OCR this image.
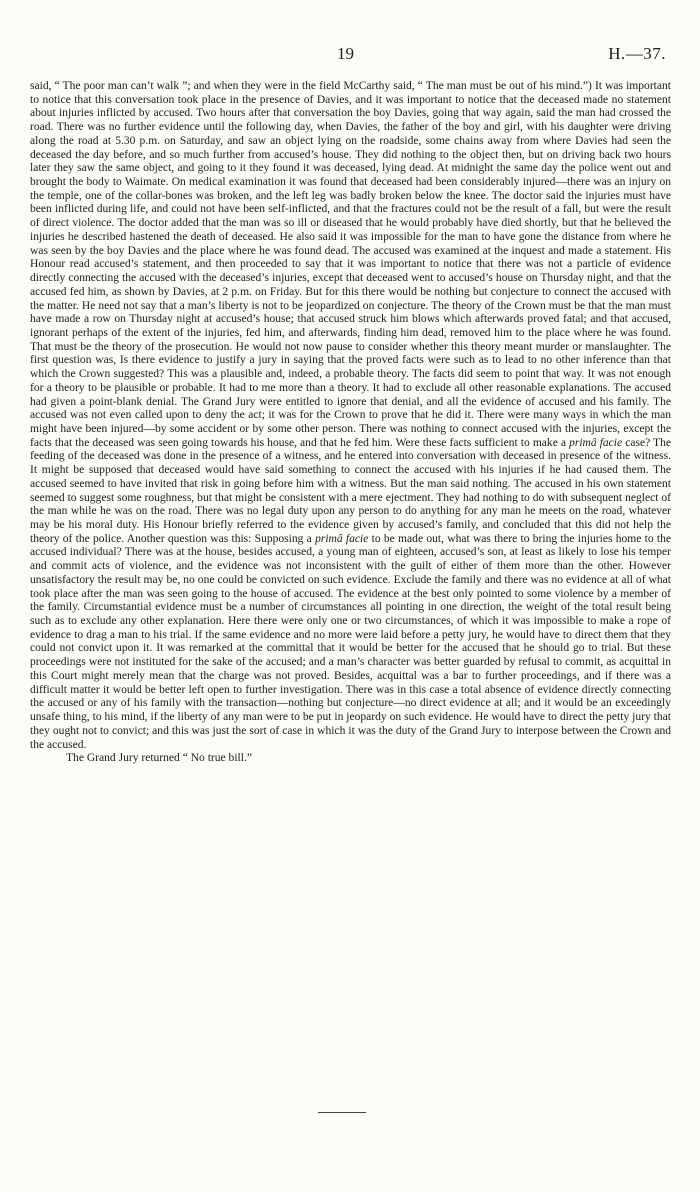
19	H.—37.

said, “ The poor man can’t walk ”; and when they were in the field McCarthy said, “ The man must be out of his mind.”) It was important to notice that this conversation took place in the presence of Davies, and it was important to notice that the deceased made no statement about injuries inflicted by accused. Two hours after that conversation the boy Davies, going that way again, said the man had crossed the road. There was no further evidence until the following day, when Davies, the father of the boy and girl, with his daughter were driving along the road at 5.30 p.m. on Saturday, and saw an object lying on the roadside, some chains away from where Davies had seen the deceased the day before, and so much further from accused’s house. They did nothing to the object then, but on driving back two hours later they saw the same object, and going to it they found it was deceased, lying dead. At midnight the same day the police went out and brought the body to Waimate. On medical examination it was found that deceased had been considerably injured—there was an injury on the temple, one of the collar-bones was broken, and the left leg was badly broken below the knee. The doctor said the injuries must have been inflicted during life, and could not have been self-inflicted, and that the fractures could not be the result of a fall, but were the result of direct violence. The doctor added that the man was so ill or diseased that he would probably have died shortly, but that he believed the injuries he described hastened the death of deceased. He also said it was impossible for the man to have gone the distance from where he was seen by the boy Davies and the place where he was found dead. The accused was examined at the inquest and made a statement. His Honour read accused’s statement, and then proceeded to say that it was important to notice that there was not a particle of evidence directly connecting the accused with the deceased’s injuries, except that deceased went to accused’s house on Thursday night, and that the accused fed him, as shown by Davies, at 2 p.m. on Friday. But for this there would be nothing but conjecture to connect the accused with the matter. He need not say that a man’s liberty is not to be jeopardized on conjecture. The theory of the Crown must be that the man must have made a row on Thursday night at accused’s house; that accused struck him blows which afterwards proved fatal; and that accused, ignorant perhaps of the extent of the injuries, fed him, and afterwards, finding him dead, removed him to the place where he was found. That must be the theory of the prosecution. He would not now pause to consider whether this theory meant murder or manslaughter. The first question was, Is there evidence to justify a jury in saying that the proved facts were such as to lead to no other inference than that which the Crown suggested? This was a plausible and, indeed, a probable theory. The facts did seem to point that way. It was not enough for a theory to be plausible or probable. It had to me more than a theory. It had to exclude all other reasonable explanations. The accused had given a point-blank denial. The Grand Jury were entitled to ignore that denial, and all the evidence of accused and his family. The accused was not even called upon to deny the act; it was for the Crown to prove that he did it. There were many ways in which the man might have been injured—by some accident or by some other person. There was nothing to connect accused with the injuries, except the facts that the deceased was seen going towards his house, and that he fed him. Were these facts sufficient to make a primâ facie case? The feeding of the deceased was done in the presence of a witness, and he entered into conversation with deceased in presence of the witness. It might be supposed that deceased would have said something to connect the accused with his injuries if he had caused them. The accused seemed to have invited that risk in going before him with a witness. But the man said nothing. The accused in his own statement seemed to suggest some roughness, but that might be consistent with a mere ejectment. They had nothing to do with subsequent neglect of the man while he was on the road. There was no legal duty upon any person to do anything for any man he meets on the road, whatever may be his moral duty. His Honour briefly referred to the evidence given by accused’s family, and concluded that this did not help the theory of the police. Another question was this: Supposing a primâ facie to be made out, what was there to bring the injuries home to the accused individual? There was at the house, besides accused, a young man of eighteen, accused’s son, at least as likely to lose his temper and commit acts of violence, and the evidence was not inconsistent with the guilt of either of them more than the other. However unsatisfactory the result may be, no one could be convicted on such evidence. Exclude the family and there was no evidence at all of what took place after the man was seen going to the house of accused. The evidence at the best only pointed to some violence by a member of the family. Circumstantial evidence must be a number of circumstances all pointing in one direction, the weight of the total result being such as to exclude any other explanation. Here there were only one or two circumstances, of which it was impossible to make a rope of evidence to drag a man to his trial. If the same evidence and no more were laid before a petty jury, he would have to direct them that they could not convict upon it. It was remarked at the committal that it would be better for the accused that he should go to trial. But these proceedings were not instituted for the sake of the accused; and a man’s character was better guarded by refusal to commit, as acquittal in this Court might merely mean that the charge was not proved. Besides, acquittal was a bar to further proceedings, and if there was a difficult matter it would be better left open to further investigation. There was in this case a total absence of evidence directly connecting the accused or any of his family with the transaction—nothing but conjecture—no direct evidence at all; and it would be an exceedingly unsafe thing, to his mind, if the liberty of any man were to be put in jeopardy on such evidence. He would have to direct the petty jury that they ought not to convict; and this was just the sort of case in which it was the duty of the Grand Jury to interpose between the Crown and the accused.

The Grand Jury returned “ No true bill.”
